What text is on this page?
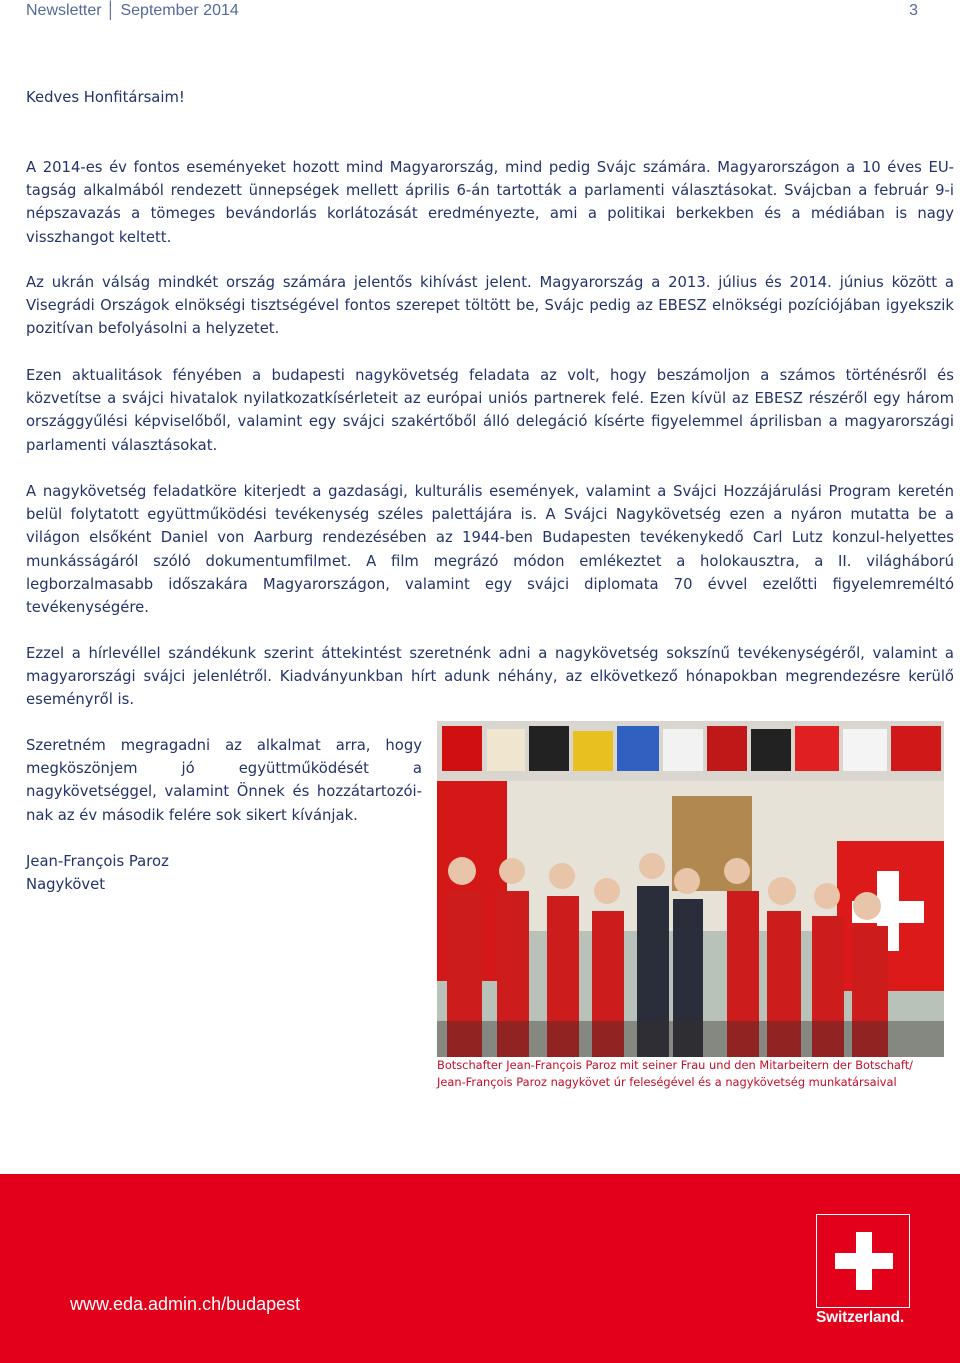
Newsletter │ September 2014	3

Kedves Honfitársaim!

A 2014-es év fontos eseményeket hozott mind Magyarország, mind pedig Svájc számára. Magyarországon a 10 éves EU-tagság alkalmából rendezett ünnepségek mellett április 6-án tartották a parlamenti választásokat. Svájcban a február 9-i népszavazás a tömeges bevándorlás korlátozását eredményezte, ami a politikai berkekben és a médiában is nagy visszhangot keltett.

Az ukrán válság mindkét ország számára jelentős kihívást jelent. Magyarország a 2013. július és 2014. június között a Visegrádi Országok elnökségi tisztségével fontos szerepet töltött be, Svájc pedig az EBESZ elnökségi pozíciójában igyekszik pozitívan befolyásolni a helyzetet.

Ezen aktualitások fényében a budapesti nagykövetség feladata az volt, hogy beszámoljon a számos történésről és közvetítse a svájci hivatalok nyilatkozatkísérleteit az európai uniós partnerek felé. Ezen kívül az EBESZ részéről egy három országgyűlési képviselőből, valamint egy svájci szakértőből álló delegáció kísérte figyelemmel áprilisban a magyarországi parlamenti választásokat.

A nagykövetség feladatköre kiterjedt a gazdasági, kulturális események, valamint a Svájci Hozzájárulási Program keretén belül folytatott együttműködési tevékenység széles palettájára is. A Svájci Nagykövetség ezen a nyáron mutatta be a világon elsőként Daniel von Aarburg rendezésében az 1944-ben Budapesten tevékenykedő Carl Lutz konzul-helyettes munkásságáról szóló dokumentumfilmet. A film megrázó módon emlékeztet a holokausztra, a II. világháború legborzalmasabb időszakára Magyarországon, valamint egy svájci diplomata 70 évvel ezelőtti figyelemreméltó tevékenységére.

Ezzel a hírlevéllel szándékunk szerint áttekintést szeretnénk adni a nagykövetség sokszínű tevékenységéről, valamint a magyarországi svájci jelenlétről. Kiadványunkban hírt adunk néhány, az elkövetkező hónapokban megrendezésre kerülő eseményről is.

Szeretném megragadni az alkalmat arra, hogy megköszönjem jó együttműködését a nagykövetséggel, valamint Önnek és hozzátartozói-nak az év második felére sok sikert kívánjak.

Jean-François Paroz

Nagykövet

Botschafter Jean-François Paroz mit seiner Frau und den Mitarbeitern der Botschaft/
Jean-François Paroz nagykövet úr feleségével és a nagykövetség munkatársaival
www.eda.admin.ch/budapest
Switzerland.
